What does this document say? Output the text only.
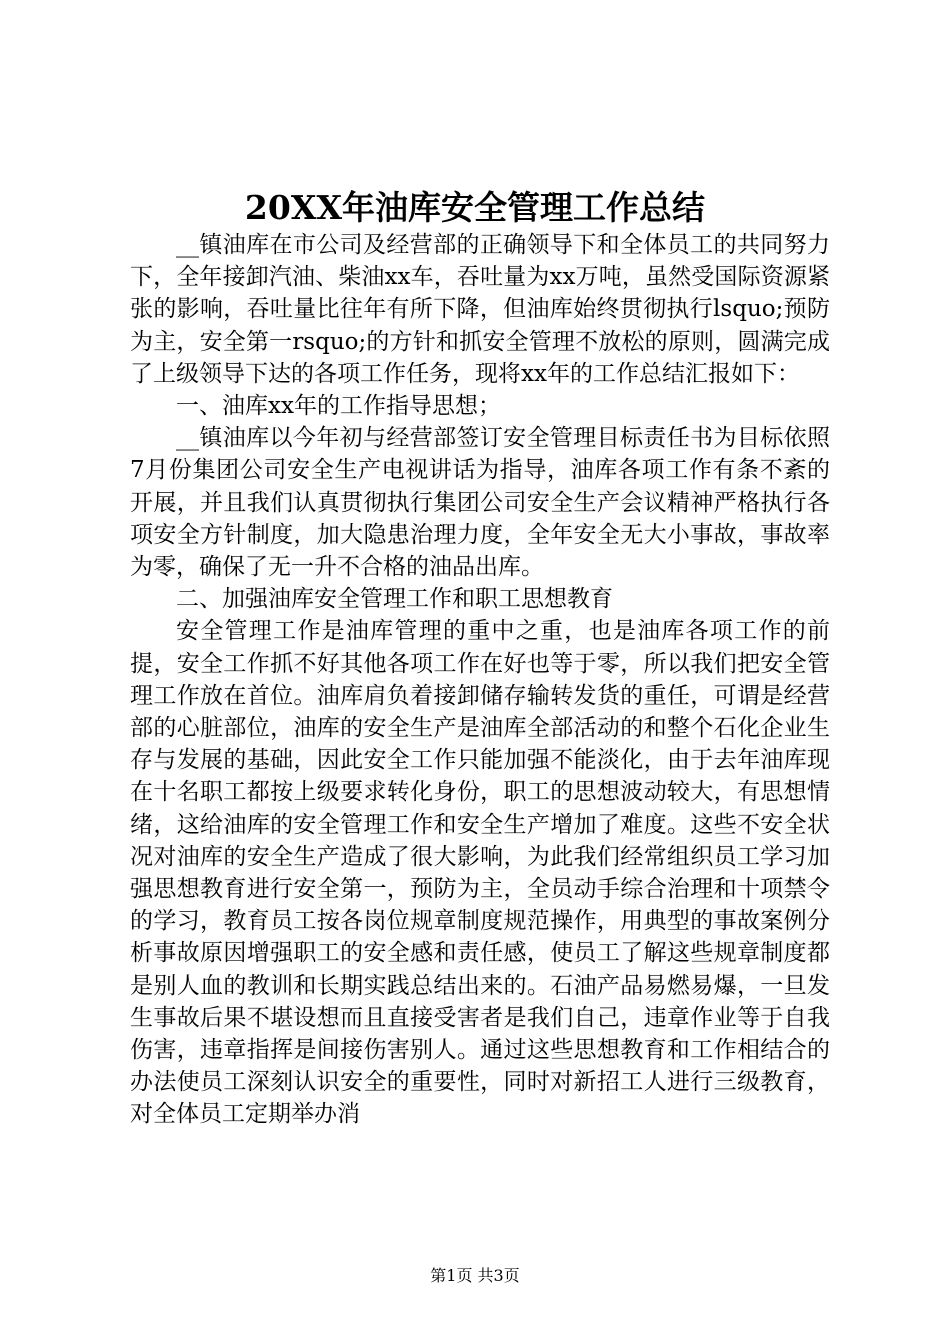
20XX年油库安全管理工作总结

__镇油库在市公司及经营部的正确领导下和全体员工的共同努力下，全年接卸汽油、柴油xx车，吞吐量为xx万吨，虽然受国际资源紧张的影响，吞吐量比往年有所下降，但油库始终贯彻执行lsquo;预防为主，安全第一rsquo;的方针和抓安全管理不放松的原则，圆满完成了上级领导下达的各项工作任务，现将xx年的工作总结汇报如下：

一、油库xx年的工作指导思想；

__镇油库以今年初与经营部签订安全管理目标责任书为目标依照7月份集团公司安全生产电视讲话为指导，油库各项工作有条不紊的开展，并且我们认真贯彻执行集团公司安全生产会议精神严格执行各项安全方针制度，加大隐患治理力度，全年安全无大小事故，事故率为零，确保了无一升不合格的油品出库。

二、加强油库安全管理工作和职工思想教育

安全管理工作是油库管理的重中之重，也是油库各项工作的前提，安全工作抓不好其他各项工作在好也等于零，所以我们把安全管理工作放在首位。油库肩负着接卸储存输转发货的重任，可谓是经营部的心脏部位，油库的安全生产是油库全部活动的和整个石化企业生存与发展的基础，因此安全工作只能加强不能淡化，由于去年油库现在十名职工都按上级要求转化身份，职工的思想波动较大，有思想情绪，这给油库的安全管理工作和安全生产增加了难度。这些不安全状况对油库的安全生产造成了很大影响，为此我们经常组织员工学习加强思想教育进行安全第一，预防为主，全员动手综合治理和十项禁令的学习，教育员工按各岗位规章制度规范操作，用典型的事故案例分析事故原因增强职工的安全感和责任感，使员工了解这些规章制度都是别人血的教训和长期实践总结出来的。石油产品易燃易爆，一旦发生事故后果不堪设想而且直接受害者是我们自己，违章作业等于自我伤害，违章指挥是间接伤害别人。通过这些思想教育和工作相结合的办法使员工深刻认识安全的重要性，同时对新招工人进行三级教育，对全体员工定期举办消

第1页 共3页
